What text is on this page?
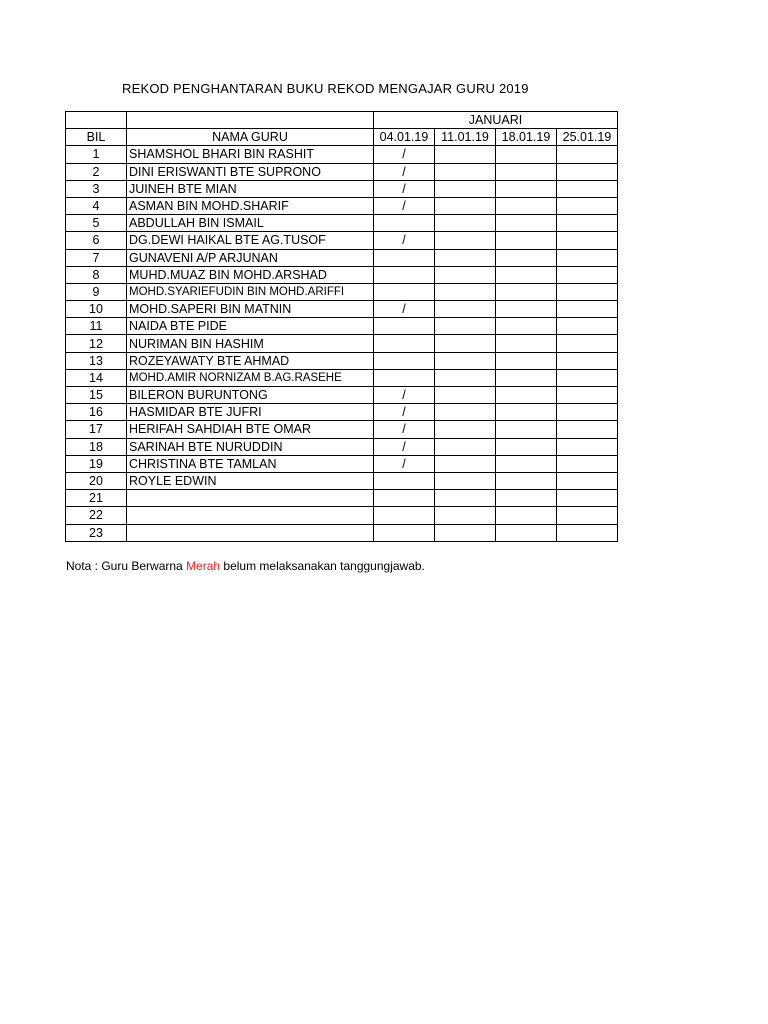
REKOD PENGHANTARAN BUKU REKOD MENGAJAR GURU 2019
		JANUARI			
BIL	NAMA GURU	04.01.19	11.01.19	18.01.19	25.01.19
1	SHAMSHOL BHARI BIN RASHIT	/			
2	DINI ERISWANTI BTE SUPRONO	/			
3	JUINEH BTE MIAN	/			
4	ASMAN BIN MOHD.SHARIF	/			
5	ABDULLAH BIN ISMAIL				
6	DG.DEWI HAIKAL BTE AG.TUSOF	/			
7	GUNAVENI A/P ARJUNAN				
8	MUHD.MUAZ BIN MOHD.ARSHAD				
9	MOHD.SYARIEFUDIN BIN MOHD.ARIFFI				
10	MOHD.SAPERI BIN MATNIN	/			
11	NAIDA BTE PIDE				
12	NURIMAN BIN HASHIM				
13	ROZEYAWATY BTE AHMAD				
14	MOHD.AMIR NORNIZAM B.AG.RASEHE				
15	BILERON BURUNTONG	/			
16	HASMIDAR BTE JUFRI	/			
17	HERIFAH SAHDIAH BTE OMAR	/			
18	SARINAH BTE NURUDDIN	/			
19	CHRISTINA BTE TAMLAN	/			
20	ROYLE EDWIN				
21					
22					
23					
Nota : Guru Berwarna Merah belum melaksanakan tanggungjawab.
